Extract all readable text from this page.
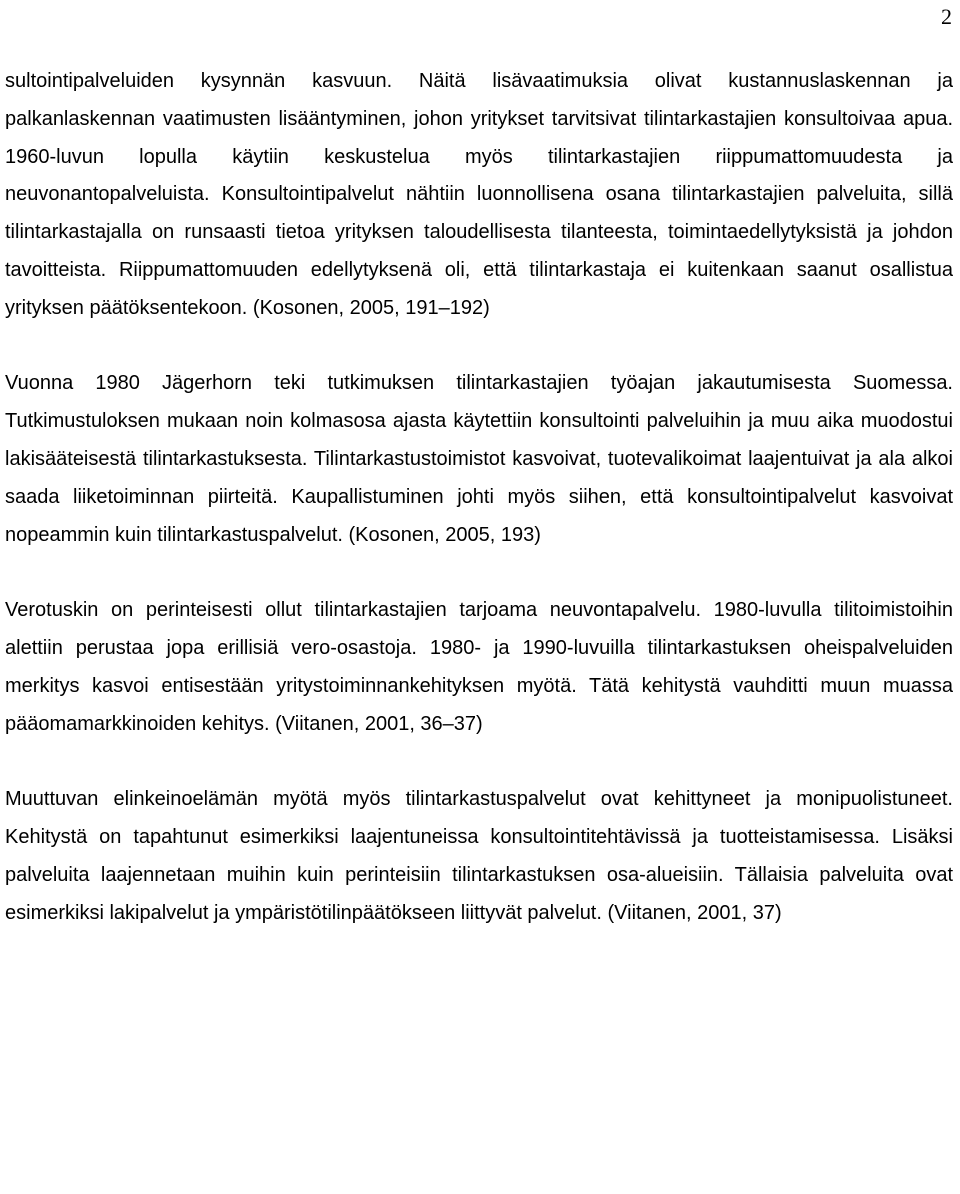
2

sultointipalveluiden kysynnän kasvuun. Näitä lisävaatimuksia olivat kustannuslaskennan ja palkanlaskennan vaatimusten lisääntyminen, johon yritykset tarvitsivat tilintarkastajien konsultoivaa apua. 1960-luvun lopulla käytiin keskustelua myös tilintarkastajien riippumattomuudesta ja neuvonantopalveluista. Konsultointipalvelut nähtiin luonnollisena osana tilintarkastajien palveluita, sillä tilintarkastajalla on runsaasti tietoa yrityksen taloudellisesta tilanteesta, toimintaedellytyksistä ja johdon tavoitteista. Riippumattomuuden edellytyksenä oli, että tilintarkastaja ei kuitenkaan saanut osallistua yrityksen päätöksentekoon. (Kosonen, 2005, 191–192)

Vuonna 1980 Jägerhorn teki tutkimuksen tilintarkastajien työajan jakautumisesta Suomessa. Tutkimustuloksen mukaan noin kolmasosa ajasta käytettiin konsultointi palveluihin ja muu aika muodostui lakisääteisestä tilintarkastuksesta. Tilintarkastustoimistot kasvoivat, tuotevalikoimat laajentuivat ja ala alkoi saada liiketoiminnan piirteitä. Kaupallistuminen johti myös siihen, että konsultointipalvelut kasvoivat nopeammin kuin tilintarkastuspalvelut. (Kosonen, 2005, 193)

Verotuskin on perinteisesti ollut tilintarkastajien tarjoama neuvontapalvelu. 1980-luvulla tilitoimistoihin alettiin perustaa jopa erillisiä vero-osastoja. 1980- ja 1990-luvuilla tilintarkastuksen oheispalveluiden merkitys kasvoi entisestään yritystoiminnankehityksen myötä. Tätä kehitystä vauhditti muun muassa pääomamarkkinoiden kehitys. (Viitanen, 2001, 36–37)

Muuttuvan elinkeinoelämän myötä myös tilintarkastuspalvelut ovat kehittyneet ja monipuolistuneet. Kehitystä on tapahtunut esimerkiksi laajentuneissa konsultointitehtävissä ja tuotteistamisessa. Lisäksi palveluita laajennetaan muihin kuin perinteisiin tilintarkastuksen osa-alueisiin. Tällaisia palveluita ovat esimerkiksi lakipalvelut ja ympäristötilinpäätökseen liittyvät palvelut. (Viitanen, 2001, 37)
